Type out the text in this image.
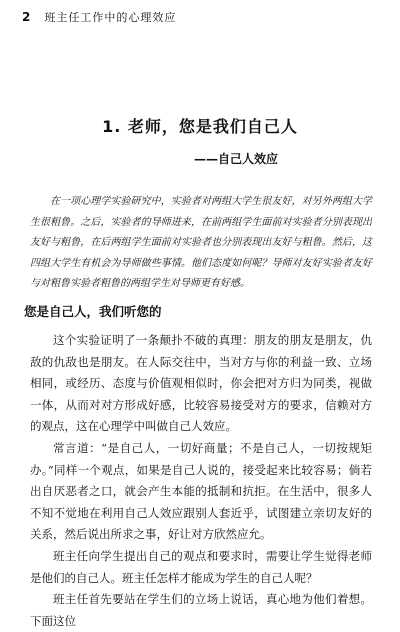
2 班主任工作中的心理效应
1. 老师，您是我们自己人
——自己人效应

在一项心理学实验研究中，实验者对两组大学生很友好，对另外两组大学生很粗鲁。之后，实验者的导师进来，在前两组学生面前对实验者分别表现出友好与粗鲁，在后两组学生面前对实验者也分别表现出友好与粗鲁。然后，这四组大学生有机会为导师做些事情。他们态度如何呢？导师对友好实验者友好与对粗鲁实验者粗鲁的两组学生对导师更有好感。

您是自己人，我们听您的

这个实验证明了一条颠扑不破的真理：朋友的朋友是朋友，仇敌的仇敌也是朋友。在人际交往中，当对方与你的利益一致、立场相同，或经历、态度与价值观相似时，你会把对方归为同类，视做一体，从而对对方形成好感，比较容易接受对方的要求，信赖对方的观点，这在心理学中叫做自己人效应。

常言道：“是自己人，一切好商量；不是自己人，一切按规矩办。”同样一个观点，如果是自己人说的，接受起来比较容易；倘若出自厌恶者之口，就会产生本能的抵制和抗拒。在生活中，很多人不知不觉地在利用自己人效应跟别人套近乎，试图建立亲切友好的关系，然后说出所求之事，好让对方欣然应允。

班主任向学生提出自己的观点和要求时，需要让学生觉得老师是他们的自己人。班主任怎样才能成为学生的自己人呢？

班主任首先要站在学生们的立场上说话，真心地为他们着想。下面这位
